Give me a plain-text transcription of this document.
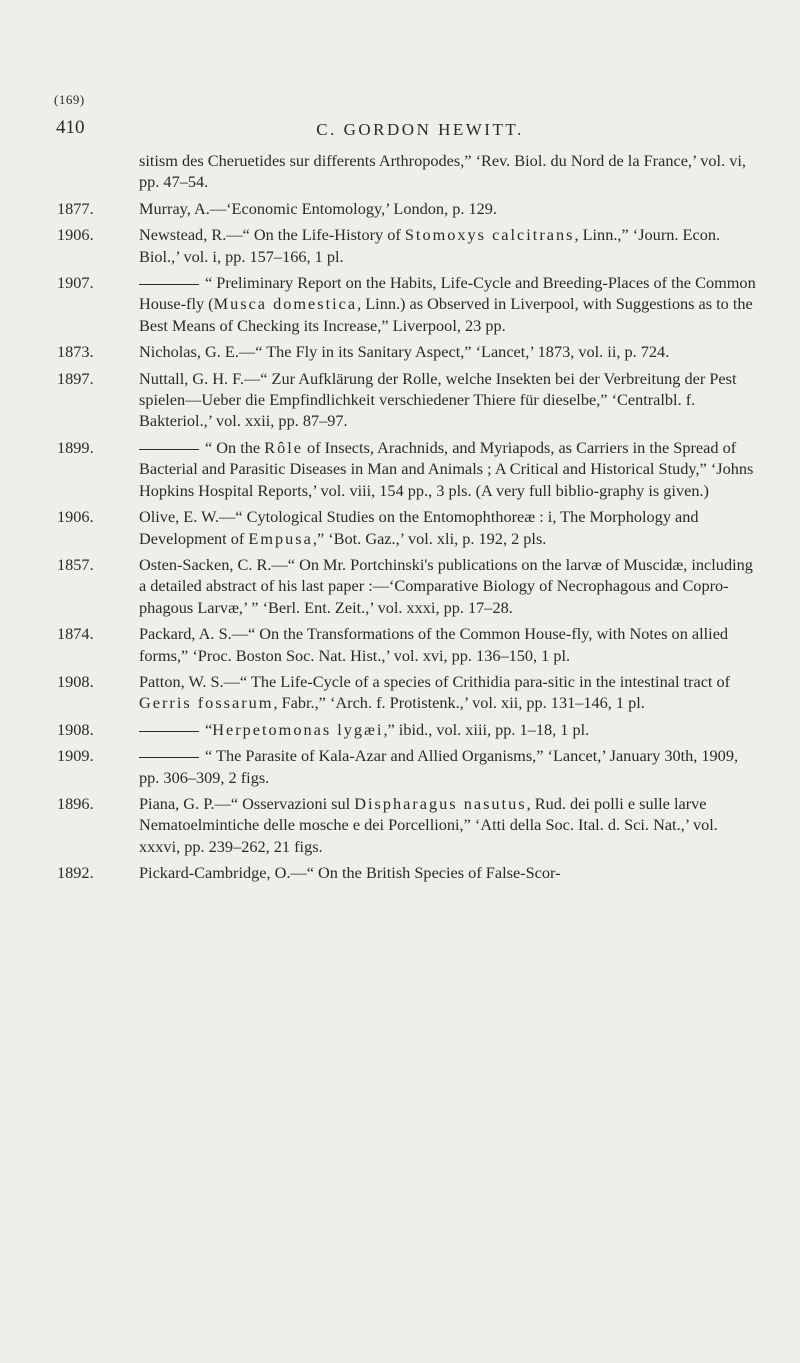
(169)
410	C. GORDON HEWITT.
sitism des Cheruetides sur differents Arthropodes,” ‘Rev. Biol. du Nord de la France,’ vol. vi, pp. 47–54.
1877.	Murray, A.—‘Economic Entomology,’ London, p. 129.
1906.	Newstead, R.—“ On the Life-History of Stomoxys calcitrans, Linn.,” ‘Journ. Econ. Biol.,’ vol. i, pp. 157–166, 1 pl.
1907.	“ Preliminary Report on the Habits, Life-Cycle and Breeding-Places of the Common House-fly (Musca domestica, Linn.) as Observed in Liverpool, with Suggestions as to the Best Means of Checking its Increase,” Liverpool, 23 pp.
1873.	Nicholas, G. E.—“ The Fly in its Sanitary Aspect,” ‘Lancet,’ 1873, vol. ii, p. 724.
1897.	Nuttall, G. H. F.—“ Zur Aufklärung der Rolle, welche Insekten bei der Verbreitung der Pest spielen—Ueber die Empfindlichkeit verschiedener Thiere für dieselbe,” ‘Centralbl. f. Bakteriol.,’ vol. xxii, pp. 87–97.
1899.	“ On the Rôle of Insects, Arachnids, and Myriapods, as Carriers in the Spread of Bacterial and Parasitic Diseases in Man and Animals ; A Critical and Historical Study,” ‘Johns Hopkins Hospital Reports,’ vol. viii, 154 pp., 3 pls. (A very full biblio-graphy is given.)
1906.	Olive, E. W.—“ Cytological Studies on the Entomophthoreæ : i, The Morphology and Development of Empusa,” ‘Bot. Gaz.,’ vol. xli, p. 192, 2 pls.
1857.	Osten-Sacken, C. R.—“ On Mr. Portchinski's publications on the larvæ of Muscidæ, including a detailed abstract of his last paper :—‘Comparative Biology of Necrophagous and Copro-phagous Larvæ,’ ” ‘Berl. Ent. Zeit.,’ vol. xxxi, pp. 17–28.
1874.	Packard, A. S.—“ On the Transformations of the Common House-fly, with Notes on allied forms,” ‘Proc. Boston Soc. Nat. Hist.,’ vol. xvi, pp. 136–150, 1 pl.
1908.	Patton, W. S.—“ The Life-Cycle of a species of Crithidia para-sitic in the intestinal tract of Gerris fossarum, Fabr.,” ‘Arch. f. Protistenk.,’ vol. xii, pp. 131–146, 1 pl.
1908.	“Herpetomonas lygæi,” ibid., vol. xiii, pp. 1–18, 1 pl.
1909.	“ The Parasite of Kala-Azar and Allied Organisms,” ‘Lancet,’ January 30th, 1909, pp. 306–309, 2 figs.
1896.	Piana, G. P.—“ Osservazioni sul Dispharagus nasutus, Rud. dei polli e sulle larve Nematoelmintiche delle mosche e dei Porcellioni,” ‘Atti della Soc. Ital. d. Sci. Nat.,’ vol. xxxvi, pp. 239–262, 21 figs.
1892.	Pickard-Cambridge, O.—“ On the British Species of False-Scor-
